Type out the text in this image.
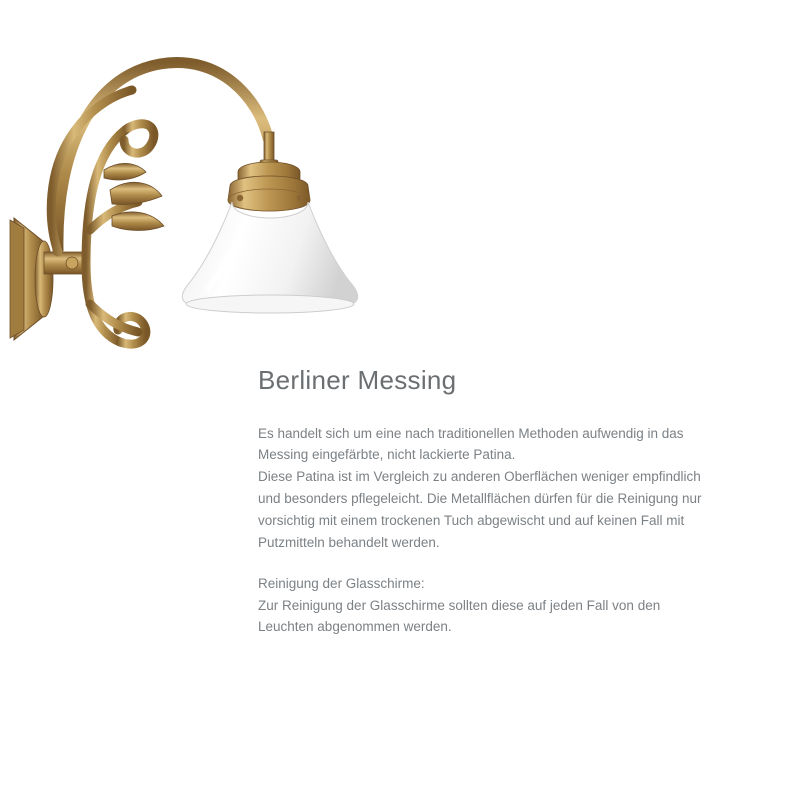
Berliner Messing

Es handelt sich um eine nach traditionellen Methoden aufwendig in das Messing eingefärbte, nicht lackierte Patina.

Diese Patina ist im Vergleich zu anderen Oberflächen weniger empfindlich und besonders pflegeleicht. Die Metallflächen dürfen für die Reinigung nur vorsichtig mit einem trockenen Tuch abgewischt und auf keinen Fall mit Putzmitteln behandelt werden.

Reinigung der Glasschirme:

Zur Reinigung der Glasschirme sollten diese auf jeden Fall von den Leuchten abgenommen werden.
